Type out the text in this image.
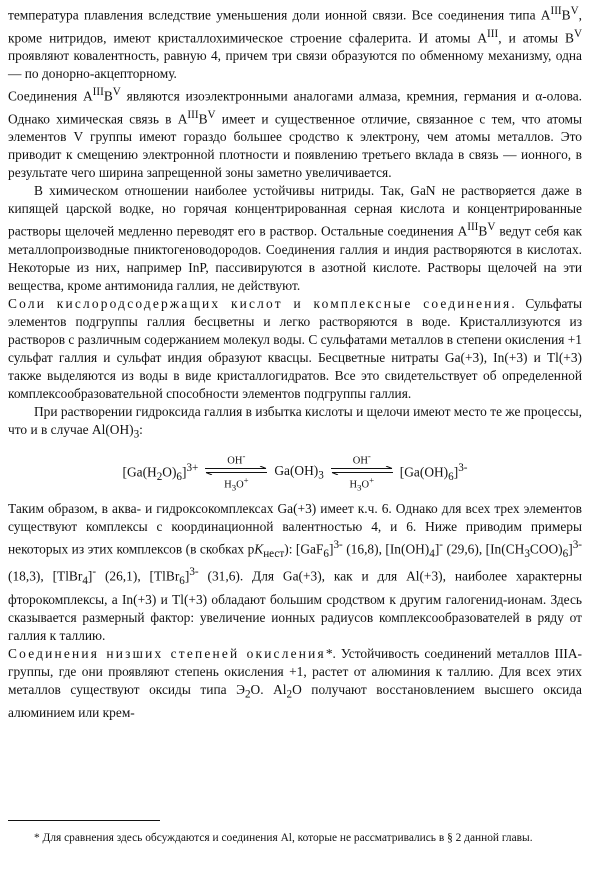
температура плавления вследствие уменьшения доли ионной связи. Все соединения типа $A^{III}B^V$, кроме нитридов, имеют кристаллохимическое строение сфалерита. И атомы $A^{III}$, и атомы $B^V$ проявляют ковалентность, равную 4, причем три связи образуются по обменному механизму, одна — по донорно-акцепторному.

Соединения $A^{III}B^V$ являются изоэлектронными аналогами алмаза, кремния, германия и α-олова. Однако химическая связь в $A^{III}B^V$ имеет и существенное отличие, связанное с тем, что атомы элементов V группы имеют гораздо большее сродство к электрону, чем атомы металлов. Это приводит к смещению электронной плотности и появлению третьего вклада в связь — ионного, в результате чего ширина запрещенной зоны заметно увеличивается.

В химическом отношении наиболее устойчивы нитриды. Так, GaN не растворяется даже в кипящей царской водке, но горячая концентрированная серная кислота и концентрированные растворы щелочей медленно переводят его в раствор. Остальные соединения $A^{III}B^V$ ведут себя как металлопроизводные пниктогеноводородов. Соединения галлия и индия растворяются в кислотах. Некоторые из них, например InP, пассивируются в азотной кислоте. Растворы щелочей на эти вещества, кроме антимонида галлия, не действуют.

Соли кислородсодержащих кислот и комплексные соединения. Сульфаты элементов подгруппы галлия бесцветны и легко растворяются в воде. Кристаллизуются из растворов с различным содержанием молекул воды. С сульфатами металлов в степени окисления +1 сульфат галлия и сульфат индия образуют квасцы. Бесцветные нитраты Ga(+3), In(+3) и Tl(+3) также выделяются из воды в виде кристаллогидратов. Все это свидетельствует об определенной комплексообразовательной способности элементов подгруппы галлия.

При растворении гидроксида галлия в избытка кислоты и щелочи имеют место те же процессы, что и в случае $Al(OH)_3$:

$[Ga(H_2O)_6]^{3+}$
OH-
$H_3O^+$
$Ga(OH)_3$
OH-
$H_3O^+$
$[Ga(OH)_6]^{3-}$

Таким образом, в аква- и гидроксокомплексах Ga(+3) имеет к.ч. 6. Однако для всех трех элементов существуют комплексы с координационной валентностью 4, и 6. Ниже приводим примеры некоторых из этих комплексов (в скобках $pK_{нест}$): $[GaF_6]^{3-}$ (16,8), $[In(OH)_4]^-$ (29,6), $[In(CH_3COO)_6]^{3-}$ (18,3), [TlBr$_4$]- (26,1), [TlBr$_6$]$^{3-}$ (31,6). Для Ga(+3), как и для Al(+3), наиболее характерны фторокомплексы, а In(+3) и Tl(+3) обладают большим сродством к другим галогенид-ионам. Здесь сказывается размерный фактор: увеличение ионных радиусов комплексообразователей в ряду от галлия к таллию.

Соединения низших степеней окисления*. Устойчивость соединений металлов IIIA-группы, где они проявляют степень окисления +1, растет от алюминия к таллию. Для всех этих металлов существуют оксиды типа $Э_2О$. $Al_2O$ получают восстановлением высшего оксида алюминием или крем-

* Для сравнения здесь обсуждаются и соединения Al, которые не рассматривались в § 2 данной главы.
